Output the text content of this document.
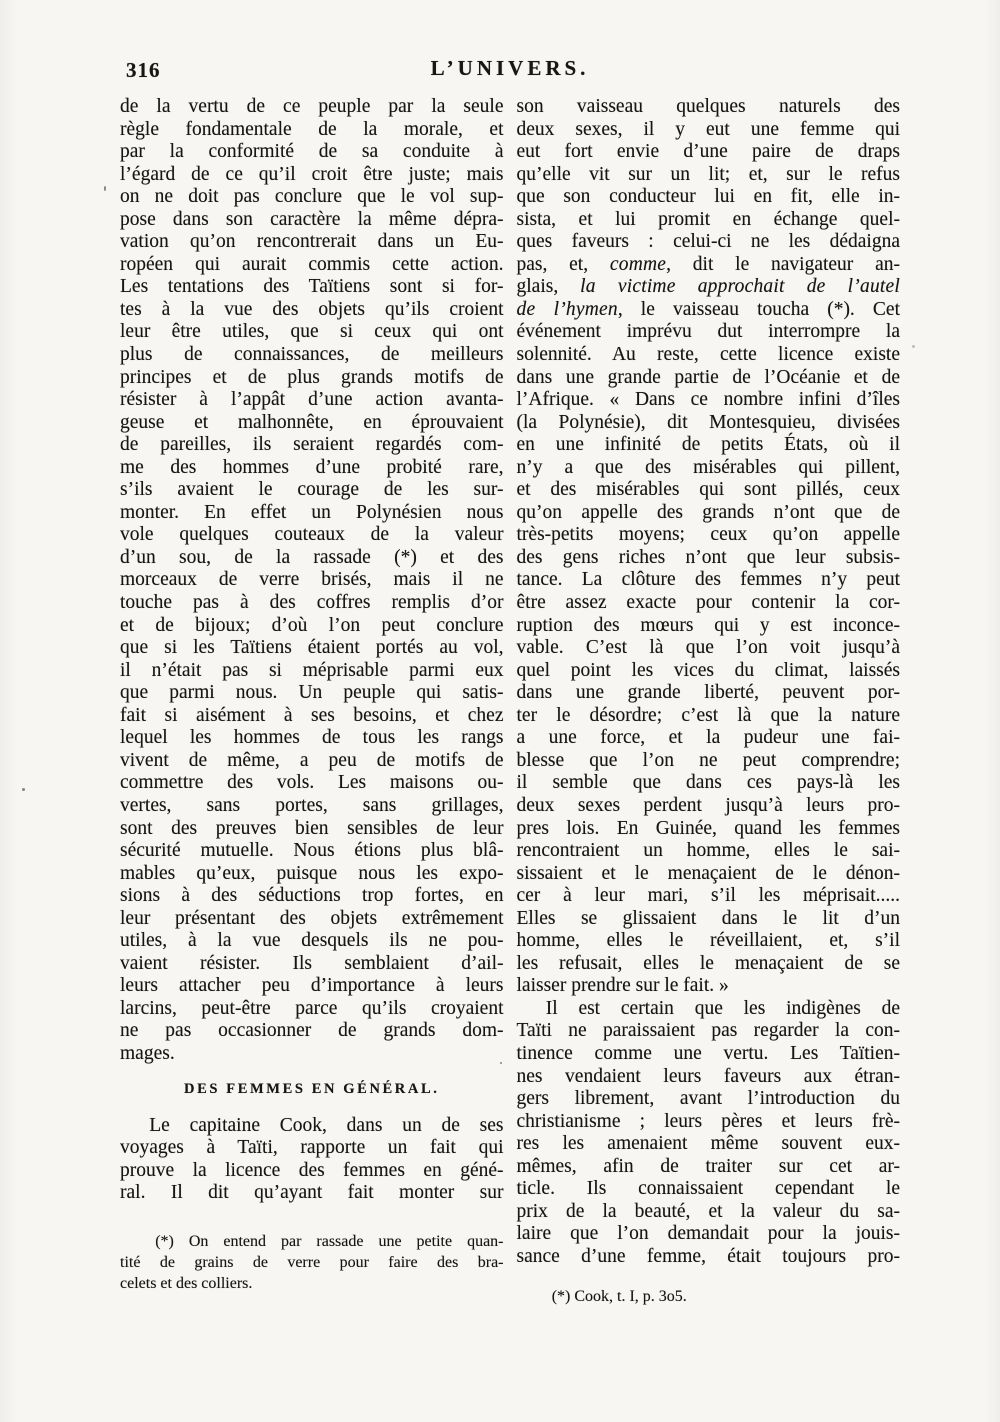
316	L’UNIVERS.
de la vertu de ce peuple par la seule
règle fondamentale de la morale, et
par la conformité de sa conduite à
l’égard de ce qu’il croit être juste; mais
on ne doit pas conclure que le vol sup-
pose dans son caractère la même dépra-
vation qu’on rencontrerait dans un Eu-
ropéen qui aurait commis cette action.
Les tentations des Taïtiens sont si for-
tes à la vue des objets qu’ils croient
leur être utiles, que si ceux qui ont
plus de connaissances, de meilleurs
principes et de plus grands motifs de
résister à l’appât d’une action avanta-
geuse et malhonnête, en éprouvaient
de pareilles, ils seraient regardés com-
me des hommes d’une probité rare,
s’ils avaient le courage de les sur-
monter. En effet un Polynésien nous
vole quelques couteaux de la valeur
d’un sou, de la rassade (*) et des
morceaux de verre brisés, mais il ne
touche pas à des coffres remplis d’or
et de bijoux; d’où l’on peut conclure
que si les Taïtiens étaient portés au vol,
il n’était pas si méprisable parmi eux
que parmi nous. Un peuple qui satis-
fait si aisément à ses besoins, et chez
lequel les hommes de tous les rangs
vivent de même, a peu de motifs de
commettre des vols. Les maisons ou-
vertes, sans portes, sans grillages,
sont des preuves bien sensibles de leur
sécurité mutuelle. Nous étions plus blâ-
mables qu’eux, puisque nous les expo-
sions à des séductions trop fortes, en
leur présentant des objets extrêmement
utiles, à la vue desquels ils ne pou-
vaient résister. Ils semblaient d’ail-
leurs attacher peu d’importance à leurs
larcins, peut-être parce qu’ils croyaient
ne pas occasionner de grands dom-
mages.
DES FEMMES EN GÉNÉRAL.
Le capitaine Cook, dans un de ses
voyages à Taïti, rapporte un fait qui
prouve la licence des femmes en géné-
ral. Il dit qu’ayant fait monter sur
(*) On entend par rassade une petite quan-
tité de grains de verre pour faire des bra-
celets et des colliers.
son vaisseau quelques naturels des
deux sexes, il y eut une femme qui
eut fort envie d’une paire de draps
qu’elle vit sur un lit; et, sur le refus
que son conducteur lui en fit, elle in-
sista, et lui promit en échange quel-
ques faveurs : celui-ci ne les dédaigna
pas, et, comme, dit le navigateur an-
glais, la victime approchait de l’autel
de l’hymen, le vaisseau toucha (*). Cet
événement imprévu dut interrompre la
solennité. Au reste, cette licence existe
dans une grande partie de l’Océanie et de
l’Afrique. « Dans ce nombre infini d’îles
(la Polynésie), dit Montesquieu, divisées
en une infinité de petits États, où il
n’y a que des misérables qui pillent,
et des misérables qui sont pillés, ceux
qu’on appelle des grands n’ont que de
très-petits moyens; ceux qu’on appelle
des gens riches n’ont que leur subsis-
tance. La clôture des femmes n’y peut
être assez exacte pour contenir la cor-
ruption des mœurs qui y est inconce-
vable. C’est là que l’on voit jusqu’à
quel point les vices du climat, laissés
dans une grande liberté, peuvent por-
ter le désordre; c’est là que la nature
a une force, et la pudeur une fai-
blesse que l’on ne peut comprendre;
il semble que dans ces pays-là les
deux sexes perdent jusqu’à leurs pro-
pres lois. En Guinée, quand les femmes
rencontraient un homme, elles le sai-
sissaient et le menaçaient de le dénon-
cer à leur mari, s’il les méprisait.....
Elles se glissaient dans le lit d’un
homme, elles le réveillaient, et, s’il
les refusait, elles le menaçaient de se
laisser prendre sur le fait. »
Il est certain que les indigènes de
Taïti ne paraissaient pas regarder la con-
tinence comme une vertu. Les Taïtien-
nes vendaient leurs faveurs aux étran-
gers librement, avant l’introduction du
christianisme ; leurs pères et leurs frè-
res les amenaient même souvent eux-
mêmes, afin de traiter sur cet ar-
ticle. Ils connaissaient cependant le
prix de la beauté, et la valeur du sa-
laire que l’on demandait pour la jouis-
sance d’une femme, était toujours pro-
(*) Cook, t. I, p. 3o5.
